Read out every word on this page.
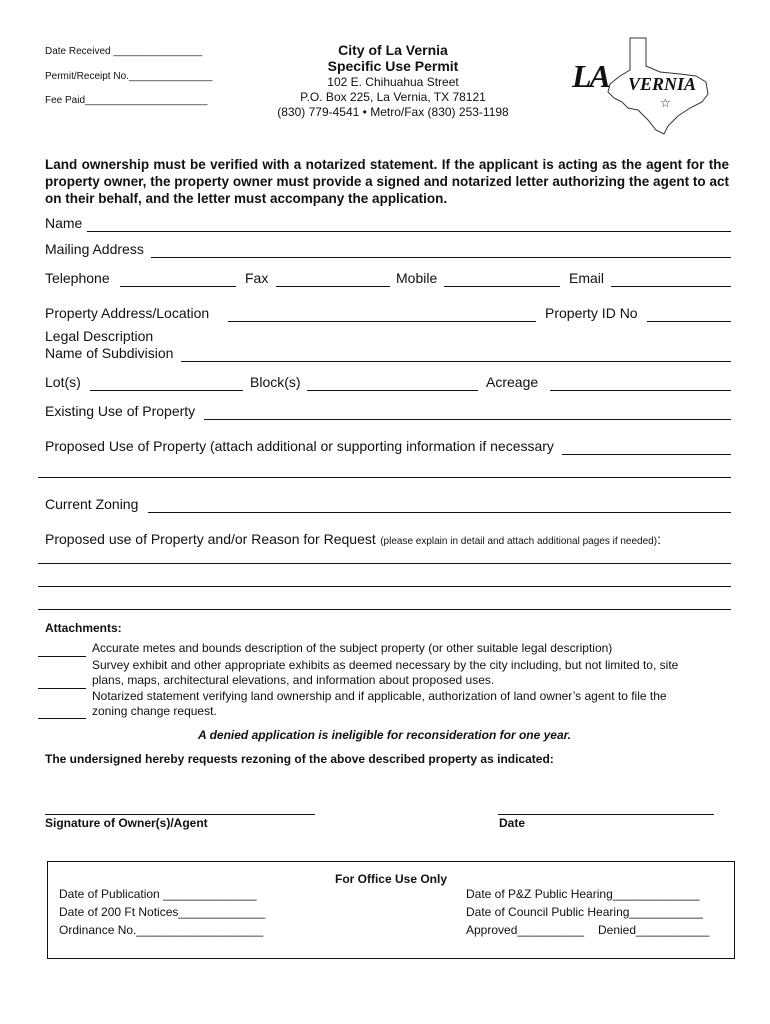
Date Received ________________
Permit/Receipt No._______________
Fee Paid______________________
City of La Vernia
Specific Use Permit
102 E. Chihuahua Street
P.O. Box 225, La Vernia, TX 78121
(830) 779-4541 • Metro/Fax (830) 253-1198
LA VERNIA
☆
Land ownership must be verified with a notarized statement. If the applicant is acting as the agent for the property owner, the property owner must provide a signed and notarized letter authorizing the agent to act on their behalf, and the letter must accompany the application.
Name
Mailing Address
Telephone	Fax	Mobile	Email
Property Address/Location	Property ID No
Legal Description
Name of Subdivision
Lot(s)	Block(s)	Acreage
Existing Use of Property
Proposed Use of Property (attach additional or supporting information if necessary
Current Zoning
Proposed use of Property and/or Reason for Request (please explain in detail and attach additional pages if needed):
Attachments:
Accurate metes and bounds description of the subject property (or other suitable legal description)
Survey exhibit and other appropriate exhibits as deemed necessary by the city including, but not limited to, site
plans, maps, architectural elevations, and information about proposed uses.
Notarized statement verifying land ownership and if applicable, authorization of land owner’s agent to file the
zoning change request.
A denied application is ineligible for reconsideration for one year.
The undersigned hereby requests rezoning of the above described property as indicated:
Signature of Owner(s)/Agent	Date
For Office Use Only
Date of Publication ______________
Date of 200 Ft Notices_____________
Ordinance No.___________________
Date of P&Z Public Hearing_____________
Date of Council Public Hearing___________
Approved__________ Denied___________
